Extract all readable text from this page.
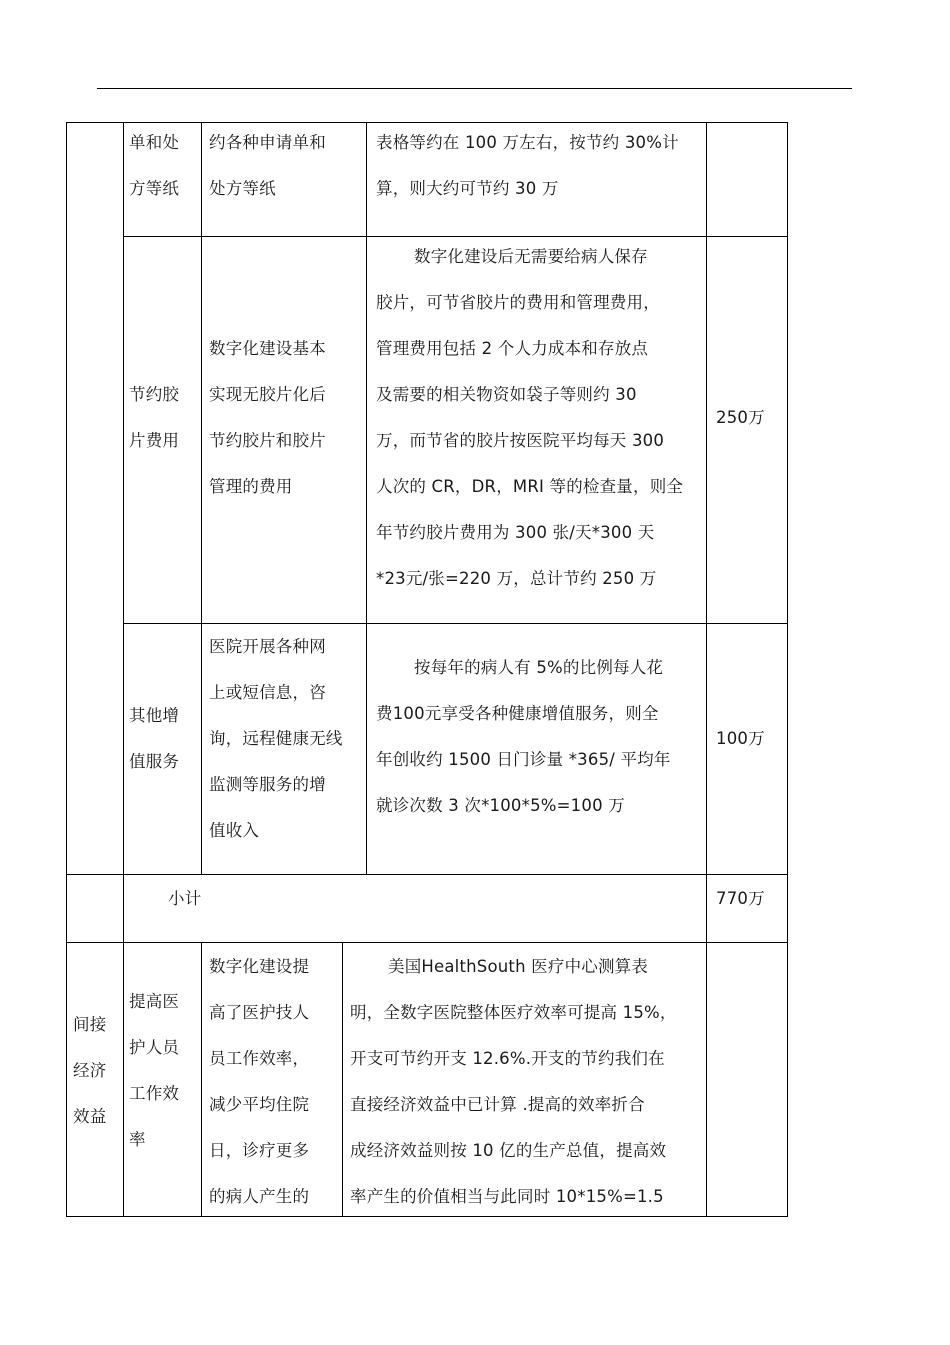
单和处
方等纸
约各种申请单和
处方等纸
表格等约在 100 万左右，按节约 30%计
算，则大约可节约 30 万
节约胶
片费用
数字化建设基本
实现无胶片化后
节约胶片和胶片
管理的费用
数字化建设后无需要给病人保存
胶片，可节省胶片的费用和管理费用，
管理费用包括 2 个人力成本和存放点
及需要的相关物资如袋子等则约 30
万，而节省的胶片按医院平均每天 300
人次的 CR，DR，MRI 等的检查量，则全
年节约胶片费用为 300 张/天*300 天
*23元/张=220 万，总计节约 250 万
250万
其他增
值服务
医院开展各种网
上或短信息，咨
询，远程健康无线
监测等服务的增
值收入
按每年的病人有 5%的比例每人花
费100元享受各种健康增值服务，则全
年创收约 1500 日门诊量 *365/ 平均年
就诊次数 3 次*100*5%=100 万
100万
小计	770万
间接
经济
效益
提高医
护人员
工作效
率
数字化建设提
高了医护技人
员工作效率，
减少平均住院
日，诊疗更多
的病人产生的
美国HealthSouth 医疗中心测算表
明，全数字医院整体医疗效率可提高 15%，
开支可节约开支 12.6%.开支的节约我们在
直接经济效益中已计算 .提高的效率折合
成经济效益则按 10 亿的生产总值，提高效
率产生的价值相当与此同时 10*15%=1.5
